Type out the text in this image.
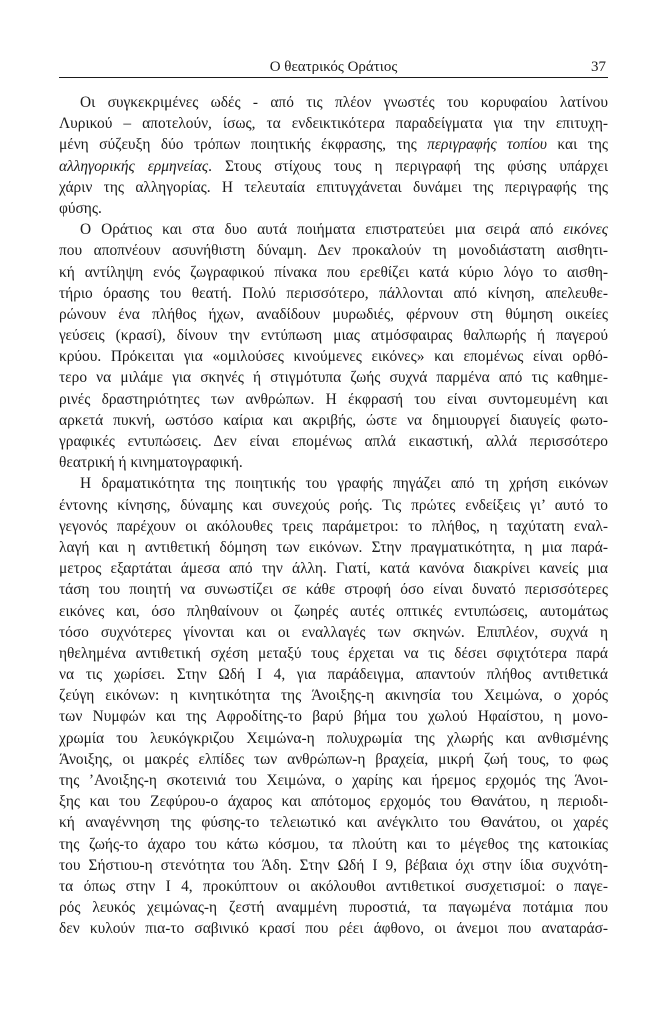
Ο θεατρικός Οράτιος	37
Οι συγκεκριμένες ωδές - από τις πλέον γνωστές του κορυφαίου λατίνου
Λυρικού – αποτελούν, ίσως, τα ενδεικτικότερα παραδείγματα για την επιτυχη-
μένη σύζευξη δύο τρόπων ποιητικής έκφρασης, της περιγραφής τοπίου και της
αλληγορικής ερμηνείας. Στους στίχους τους η περιγραφή της φύσης υπάρχει
χάριν της αλληγορίας. Η τελευταία επιτυγχάνεται δυνάμει της περιγραφής της
φύσης.
Ο Οράτιος και στα δυο αυτά ποιήματα επιστρατεύει μια σειρά από εικόνες
που αποπνέουν ασυνήθιστη δύναμη. Δεν προκαλούν τη μονοδιάστατη αισθητι-
κή αντίληψη ενός ζωγραφικού πίνακα που ερεθίζει κατά κύριο λόγο το αισθη-
τήριο όρασης του θεατή. Πολύ περισσότερο, πάλλονται από κίνηση, απελευθε-
ρώνουν ένα πλήθος ήχων, αναδίδουν μυρωδιές, φέρνουν στη θύμηση οικείες
γεύσεις (κρασί), δίνουν την εντύπωση μιας ατμόσφαιρας θαλπωρής ή παγερού
κρύου. Πρόκειται για «ομιλούσες κινούμενες εικόνες» και επομένως είναι ορθό-
τερο να μιλάμε για σκηνές ή στιγμότυπα ζωής συχνά παρμένα από τις καθημε-
ρινές δραστηριότητες των ανθρώπων. Η έκφρασή του είναι συντομευμένη και
αρκετά πυκνή, ωστόσο καίρια και ακριβής, ώστε να δημιουργεί διαυγείς φωτο-
γραφικές εντυπώσεις. Δεν είναι επομένως απλά εικαστική, αλλά περισσότερο
θεατρική ή κινηματογραφική.
Η δραματικότητα της ποιητικής του γραφής πηγάζει από τη χρήση εικόνων
έντονης κίνησης, δύναμης και συνεχούς ροής. Τις πρώτες ενδείξεις γι’ αυτό το
γεγονός παρέχουν οι ακόλουθες τρεις παράμετροι: το πλήθος, η ταχύτατη εναλ-
λαγή και η αντιθετική δόμηση των εικόνων. Στην πραγματικότητα, η μια παρά-
μετρος εξαρτάται άμεσα από την άλλη. Γιατί, κατά κανόνα διακρίνει κανείς μια
τάση του ποιητή να συνωστίζει σε κάθε στροφή όσο είναι δυνατό περισσότερες
εικόνες και, όσο πληθαίνουν οι ζωηρές αυτές οπτικές εντυπώσεις, αυτομάτως
τόσο συχνότερες γίνονται και οι εναλλαγές των σκηνών. Επιπλέον, συχνά η
ηθελημένα αντιθετική σχέση μεταξύ τους έρχεται να τις δέσει σφιχτότερα παρά
να τις χωρίσει. Στην Ωδή Ι 4, για παράδειγμα, απαντούν πλήθος αντιθετικά
ζεύγη εικόνων: η κινητικότητα της Άνοιξης-η ακινησία του Χειμώνα, ο χορός
των Νυμφών και της Αφροδίτης-το βαρύ βήμα του χωλού Ηφαίστου, η μονο-
χρωμία του λευκόγκριζου Χειμώνα-η πολυχρωμία της χλωρής και ανθισμένης
Άνοιξης, οι μακρές ελπίδες των ανθρώπων-η βραχεία, μικρή ζωή τους, το φως
της ’Ανοιξης-η σκοτεινιά του Χειμώνα, ο χαρίης και ήρεμος ερχομός της Άνοι-
ξης και του Ζεφύρου-ο άχαρος και απότομος ερχομός του Θανάτου, η περιοδι-
κή αναγέννηση της φύσης-το τελειωτικό και ανέγκλιτο του Θανάτου, οι χαρές
της ζωής-το άχαρο του κάτω κόσμου, τα πλούτη και το μέγεθος της κατοικίας
του Σήστιου-η στενότητα του Άδη. Στην Ωδή Ι 9, βέβαια όχι στην ίδια συχνότη-
τα όπως στην Ι 4, προκύπτουν οι ακόλουθοι αντιθετικοί συσχετισμοί: ο παγε-
ρός λευκός χειμώνας-η ζεστή αναμμένη πυροστιά, τα παγωμένα ποτάμια που
δεν κυλούν πια-το σαβινικό κρασί που ρέει άφθονο, οι άνεμοι που αναταράσ-
